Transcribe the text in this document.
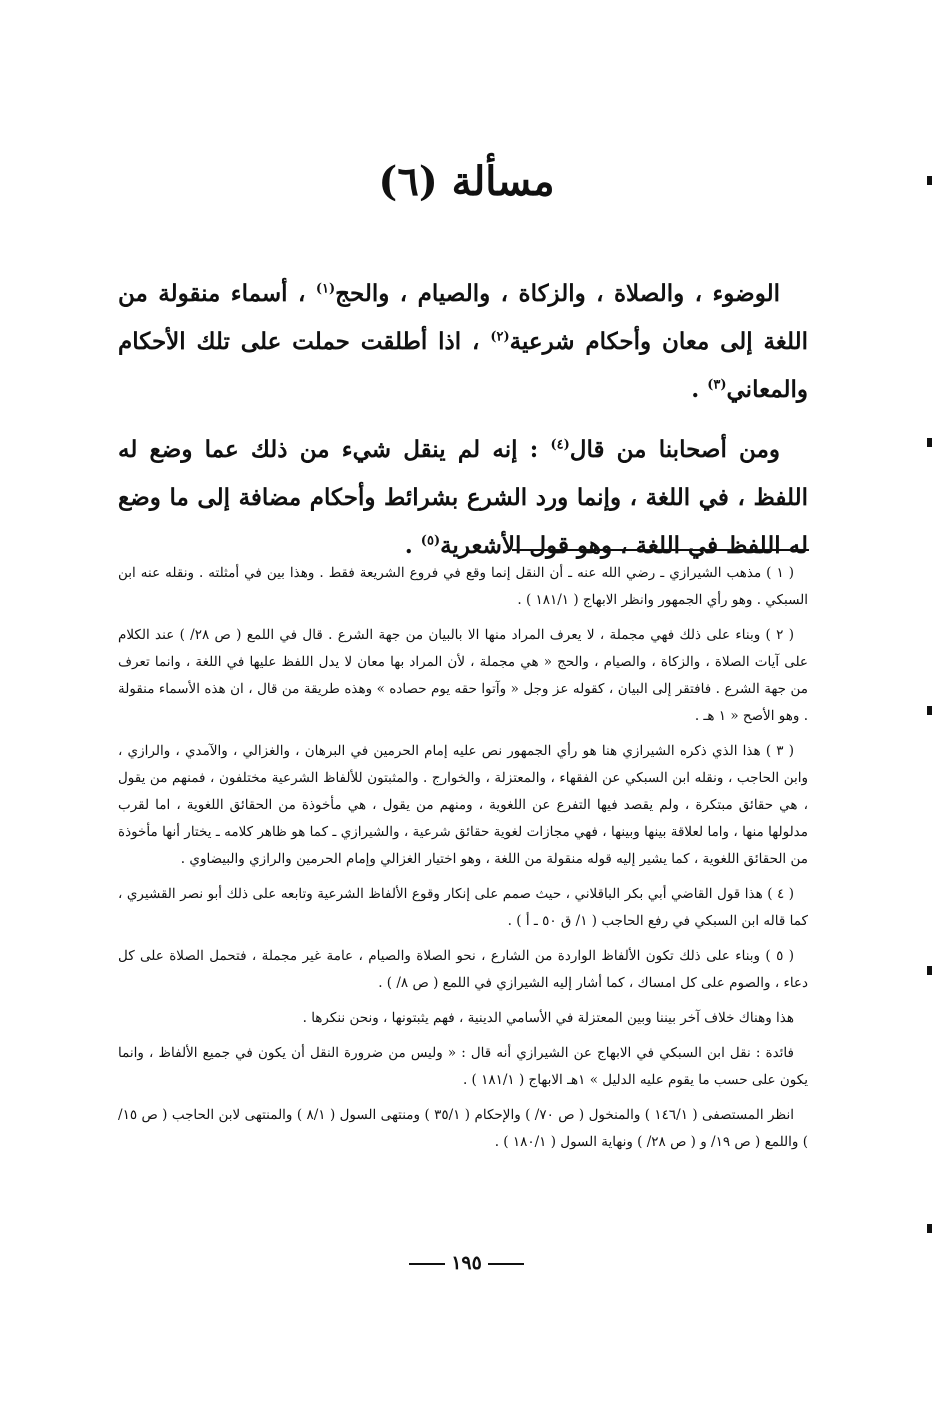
مسألة (٦)

الوضوء ، والصلاة ، والزكاة ، والصيام ، والحج$^{(١)}$ ، أسماء منقولة من اللغة إلى معان وأحكام شرعية$^{(٢)}$ ، اذا أطلقت حملت على تلك الأحكام والمعاني$^{(٣)}$ .

ومن أصحابنا من قال$^{(٤)}$ : إنه لم ينقل شيء من ذلك عما وضع له اللفظ ، في اللغة ، وإنما ورد الشرع بشرائط وأحكام مضافة إلى ما وضع له اللفظ في اللغة ، وهو قول الأشعرية$^{(٥)}$ .

( ١ ) مذهب الشيرازي ـ رضي الله عنه ـ أن النقل إنما وقع في فروع الشريعة فقط . وهذا بين في أمثلته . ونقله عنه ابن السبكي . وهو رأي الجمهور وانظر الابهاج ( ١٨١/١ ) .

( ٢ ) وبناء على ذلك فهي مجملة ، لا يعرف المراد منها الا بالبيان من جهة الشرع . قال في اللمع ( ص ٢٨/ ) عند الكلام على آيات الصلاة ، والزكاة ، والصيام ، والحج « هي مجملة ، لأن المراد بها معان لا يدل اللفظ عليها في اللغة ، وانما تعرف من جهة الشرع . فافتقر إلى البيان ، كقوله عز وجل « وآتوا حقه يوم حصاده » وهذه طريقة من قال ، ان هذه الأسماء منقولة . وهو الأصح « ١ هـ .

( ٣ ) هذا الذي ذكره الشيرازي هنا هو رأي الجمهور نص عليه إمام الحرمين في البرهان ، والغزالي ، والآمدي ، والرازي ، وابن الحاجب ، ونقله ابن السبكي عن الفقهاء ، والمعتزلة ، والخوارج . والمثبتون للألفاظ الشرعية مختلفون ، فمنهم من يقول ، هي حقائق مبتكرة ، ولم يقصد فيها التفرع عن اللغوية ، ومنهم من يقول ، هي مأخوذة من الحقائق اللغوية ، اما لقرب مدلولها منها ، واما لعلاقة بينها وبينها ، فهي مجازات لغوية حقائق شرعية ، والشيرازي ـ كما هو ظاهر كلامه ـ يختار أنها مأخوذة من الحقائق اللغوية ، كما يشير إليه قوله منقولة من اللغة ، وهو اختيار الغزالي وإمام الحرمين والرازي والبيضاوي .

( ٤ ) هذا قول القاضي أبي بكر الباقلاني ، حيث صمم على إنكار وقوع الألفاظ الشرعية وتابعه على ذلك أبو نصر القشيري ، كما قاله ابن السبكي في رفع الحاجب ( ١/ ق ٥٠ ـ أ ) .

( ٥ ) وبناء على ذلك تكون الألفاظ الواردة من الشارع ، نحو الصلاة والصيام ، عامة غير مجملة ، فتحمل الصلاة على كل دعاء ، والصوم على كل امساك ، كما أشار إليه الشيرازي في اللمع ( ص ٨/ ) .

هذا وهناك خلاف آخر بيننا وبين المعتزلة في الأسامي الدينية ، فهم يثبتونها ، ونحن ننكرها .

فائدة : نقل ابن السبكي في الابهاج عن الشيرازي أنه قال : « وليس من ضرورة النقل أن يكون في جميع الألفاظ ، وانما يكون على حسب ما يقوم عليه الدليل » ١هـ الابهاج ( ١٨١/١ ) .

انظر المستصفى ( ١٤٦/١ ) والمنخول ( ص ٧٠/ ) والإحكام ( ٣٥/١ ) ومنتهى السول ( ٨/١ ) والمنتهى لابن الحاجب ( ص ١٥/ ) واللمع ( ص ١٩/ و ( ص ٢٨/ ) ونهاية السول ( ١٨٠/١ ) .

١٩٥
